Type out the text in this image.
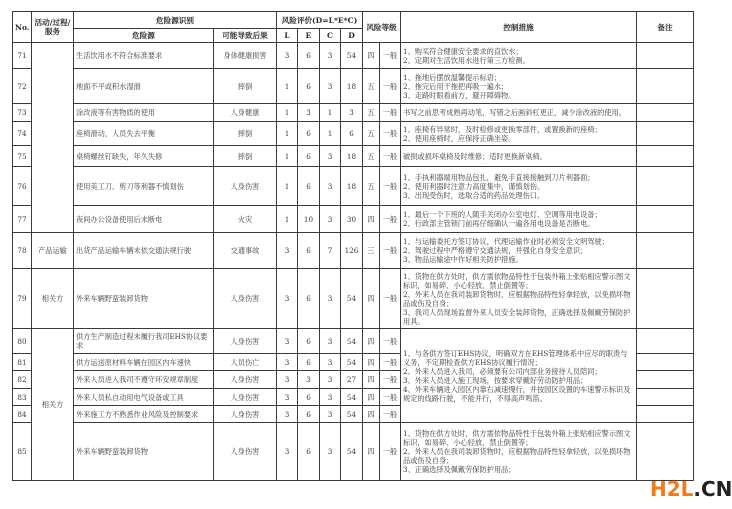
No.	活动/过程/服务	危险源识别	风险评价(D=L*E*C)	风险等级	控制措施	备注
危险源	可能导致后果	L	E	C	D
71		生活饮用水不符合标准要求	身体健康损害	3	6	3	54	四	一般	1、购买符合健康安全要求的直饮水；
2、定期对生活饮用水进行第三方检测。

72	地面不平或积水湿滑	摔倒	1	6	3	18	五	一般	
1、拖地后摆放温馨提示标语；
2、拖完后用干拖把再吸一遍水；
3、走路时眼看前方，避开障碍物。

73	涂改液等有害物质的使用	人身健康	1	3	1	3	五	一般	书写之前思考成熟再动笔，写错之后画斜杠更正，减少涂改液的使用。

74	座椅滑动，人员失去平衡	摔倒	1	6	1	6	五	一般	1、座椅有异常时，及时检修或更换零部件，或置换新的座椅；
2、使用座椅时，应保持正确坐姿。

75	桌椅螺丝钉缺失，年久失修	摔倒	1	6	3	18	五	一般	破损或损坏桌椅及时维修；适时更换新桌椅。

76	使用美工刀、剪刀等利器不慎划伤	人身伤害	1	6	3	18	五	一般	
1、手执利器端用物品包扎，避免手直接接触到刀片利器面；
2、使用利器时注意力高度集中，谨慎划伤。
3、出现受伤时，选取合适的药品处理伤口。

77	夜间办公设备使用后未断电	火灾	1	10	3	30	四	一般	1、最后一个下班的人随手关闭办公室电灯、空调等用电设备；
2、行政部主管锁门前再仔细确认一遍各用电设备是否断电。

78	产品运输	出货产品运输车辆未依交通法规行驶	交通事故	3	6	7	126	三	一般	
1、与运输委托方签订协议，代理运输作业时必须安全文明驾驶；
2、驾驶过程中严格遵守交通法规，并强化自身安全意识；
3、物品运输途中作好相关防护措施。

79	相关方	外来车辆野蛮装卸货物	人身伤害	3	6	3	54	四	一般	
1、货物在供方处时，供方需依物品特性于包装外箱上张贴相应警示图文标识，如易碎、小心轻放、禁止倒置等；
2、外来人员在我司装卸货物时，应根据物品特性轻拿轻放，以免损坏物品或伤及自身；
3、我司人员现场监督外来人员安全装卸货物，正确选择及佩戴劳保防护用具。

80	相关方	供方生产制造过程未履行我司EHS协议要求	人身伤害	3	6	3	54	四	一般	
1、与各供方签订EHS协议，明确双方在EHS管理体系中应尽的职责与义务，不定期检查供方EHS协议履行情况；
2、外来人员进入我司，必须要有公司内部业务接待人员陪同；
3、外来人员进入施工现场，按要求穿戴好劳动防护用品；
4、外来车辆进入园区内靠右减速慢行，并按园区设置的车速警示标识及规定的线路行驶，不能并行，不得高声鸣笛。

81	供方运送原材料车辆在园区内车速快	人员伤亡	3	6	3	54	四	一般	
82	外来人员进入我司不遵守环安规章制度	人身伤害	3	3	3	27	四	一般	
83	外来人员私自动用电气设备或工具	人身伤害	3	6	3	54	四	一般	
84	外来施工方不熟悉作业风险及控制要求	人身伤害	3	6	3	54	四	一般	
85	外来车辆野蛮装卸货物	人身伤害	3	6	3	54	四	一般	
1、货物在供方处时，供方需依物品特性于包装外箱上张贴相应警示图文标识，如易碎、小心轻放、禁止倒置等；
2、外来人员在我司装卸货物时，应根据物品特性轻拿轻放，以免损坏物品或伤及自身；
3、正确选择及佩戴劳保防护用品；

H2L.CN
